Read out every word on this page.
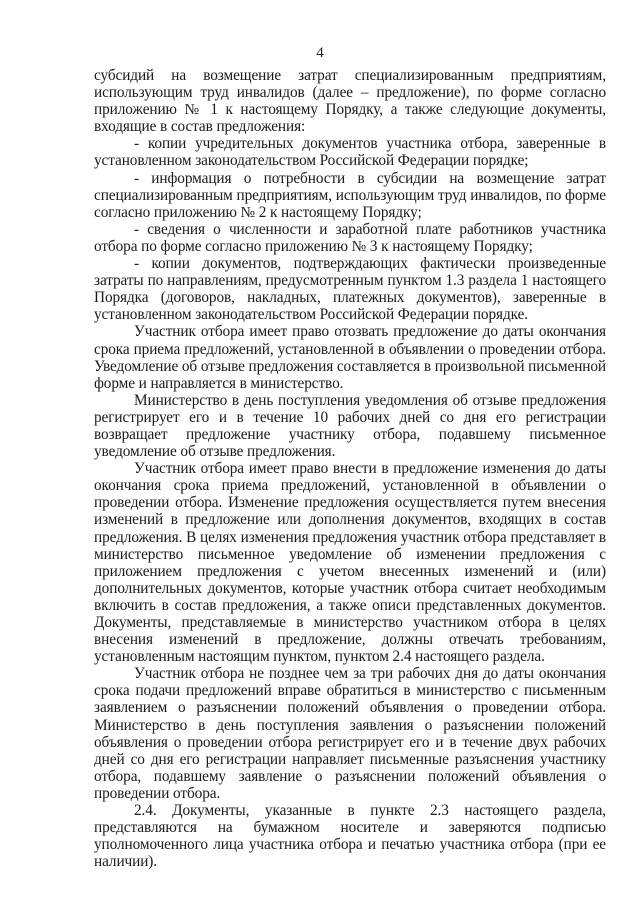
4

субсидий на возмещение затрат специализированным предприятиям, использующим труд инвалидов (далее – предложение), по форме согласно приложению № 1 к настоящему Порядку, а также следующие документы, входящие в состав предложения:

- копии учредительных документов участника отбора, заверенные в установленном законодательством Российской Федерации порядке;

- информация о потребности в субсидии на возмещение затрат специализированным предприятиям, использующим труд инвалидов, по форме согласно приложению № 2 к настоящему Порядку;

- сведения о численности и заработной плате работников участника отбора по форме согласно приложению № 3 к настоящему Порядку;

- копии документов, подтверждающих фактически произведенные затраты по направлениям, предусмотренным пунктом 1.3 раздела 1 настоящего Порядка (договоров, накладных, платежных документов), заверенные в установленном законодательством Российской Федерации порядке.

Участник отбора имеет право отозвать предложение до даты окончания срока приема предложений, установленной в объявлении о проведении отбора. Уведомление об отзыве предложения составляется в произвольной письменной форме и направляется в министерство.

Министерство в день поступления уведомления об отзыве предложения регистрирует его и в течение 10 рабочих дней со дня его регистрации возвращает предложение участнику отбора, подавшему письменное уведомление об отзыве предложения.

Участник отбора имеет право внести в предложение изменения до даты окончания срока приема предложений, установленной в объявлении о проведении отбора. Изменение предложения осуществляется путем внесения изменений в предложение или дополнения документов, входящих в состав предложения. В целях изменения предложения участник отбора представляет в министерство письменное уведомление об изменении предложения с приложением предложения с учетом внесенных изменений и (или) дополнительных документов, которые участник отбора считает необходимым включить в состав предложения, а также описи представленных документов. Документы, представляемые в министерство участником отбора в целях внесения изменений в предложение, должны отвечать требованиям, установленным настоящим пунктом, пунктом 2.4 настоящего раздела.

Участник отбора не позднее чем за три рабочих дня до даты окончания срока подачи предложений вправе обратиться в министерство с письменным заявлением о разъяснении положений объявления о проведении отбора. Министерство в день поступления заявления о разъяснении положений объявления о проведении отбора регистрирует его и в течение двух рабочих дней со дня его регистрации направляет письменные разъяснения участнику отбора, подавшему заявление о разъяснении положений объявления о проведении отбора.

2.4. Документы, указанные в пункте 2.3 настоящего раздела, представляются на бумажном носителе и заверяются подписью уполномоченного лица участника отбора и печатью участника отбора (при ее наличии).
